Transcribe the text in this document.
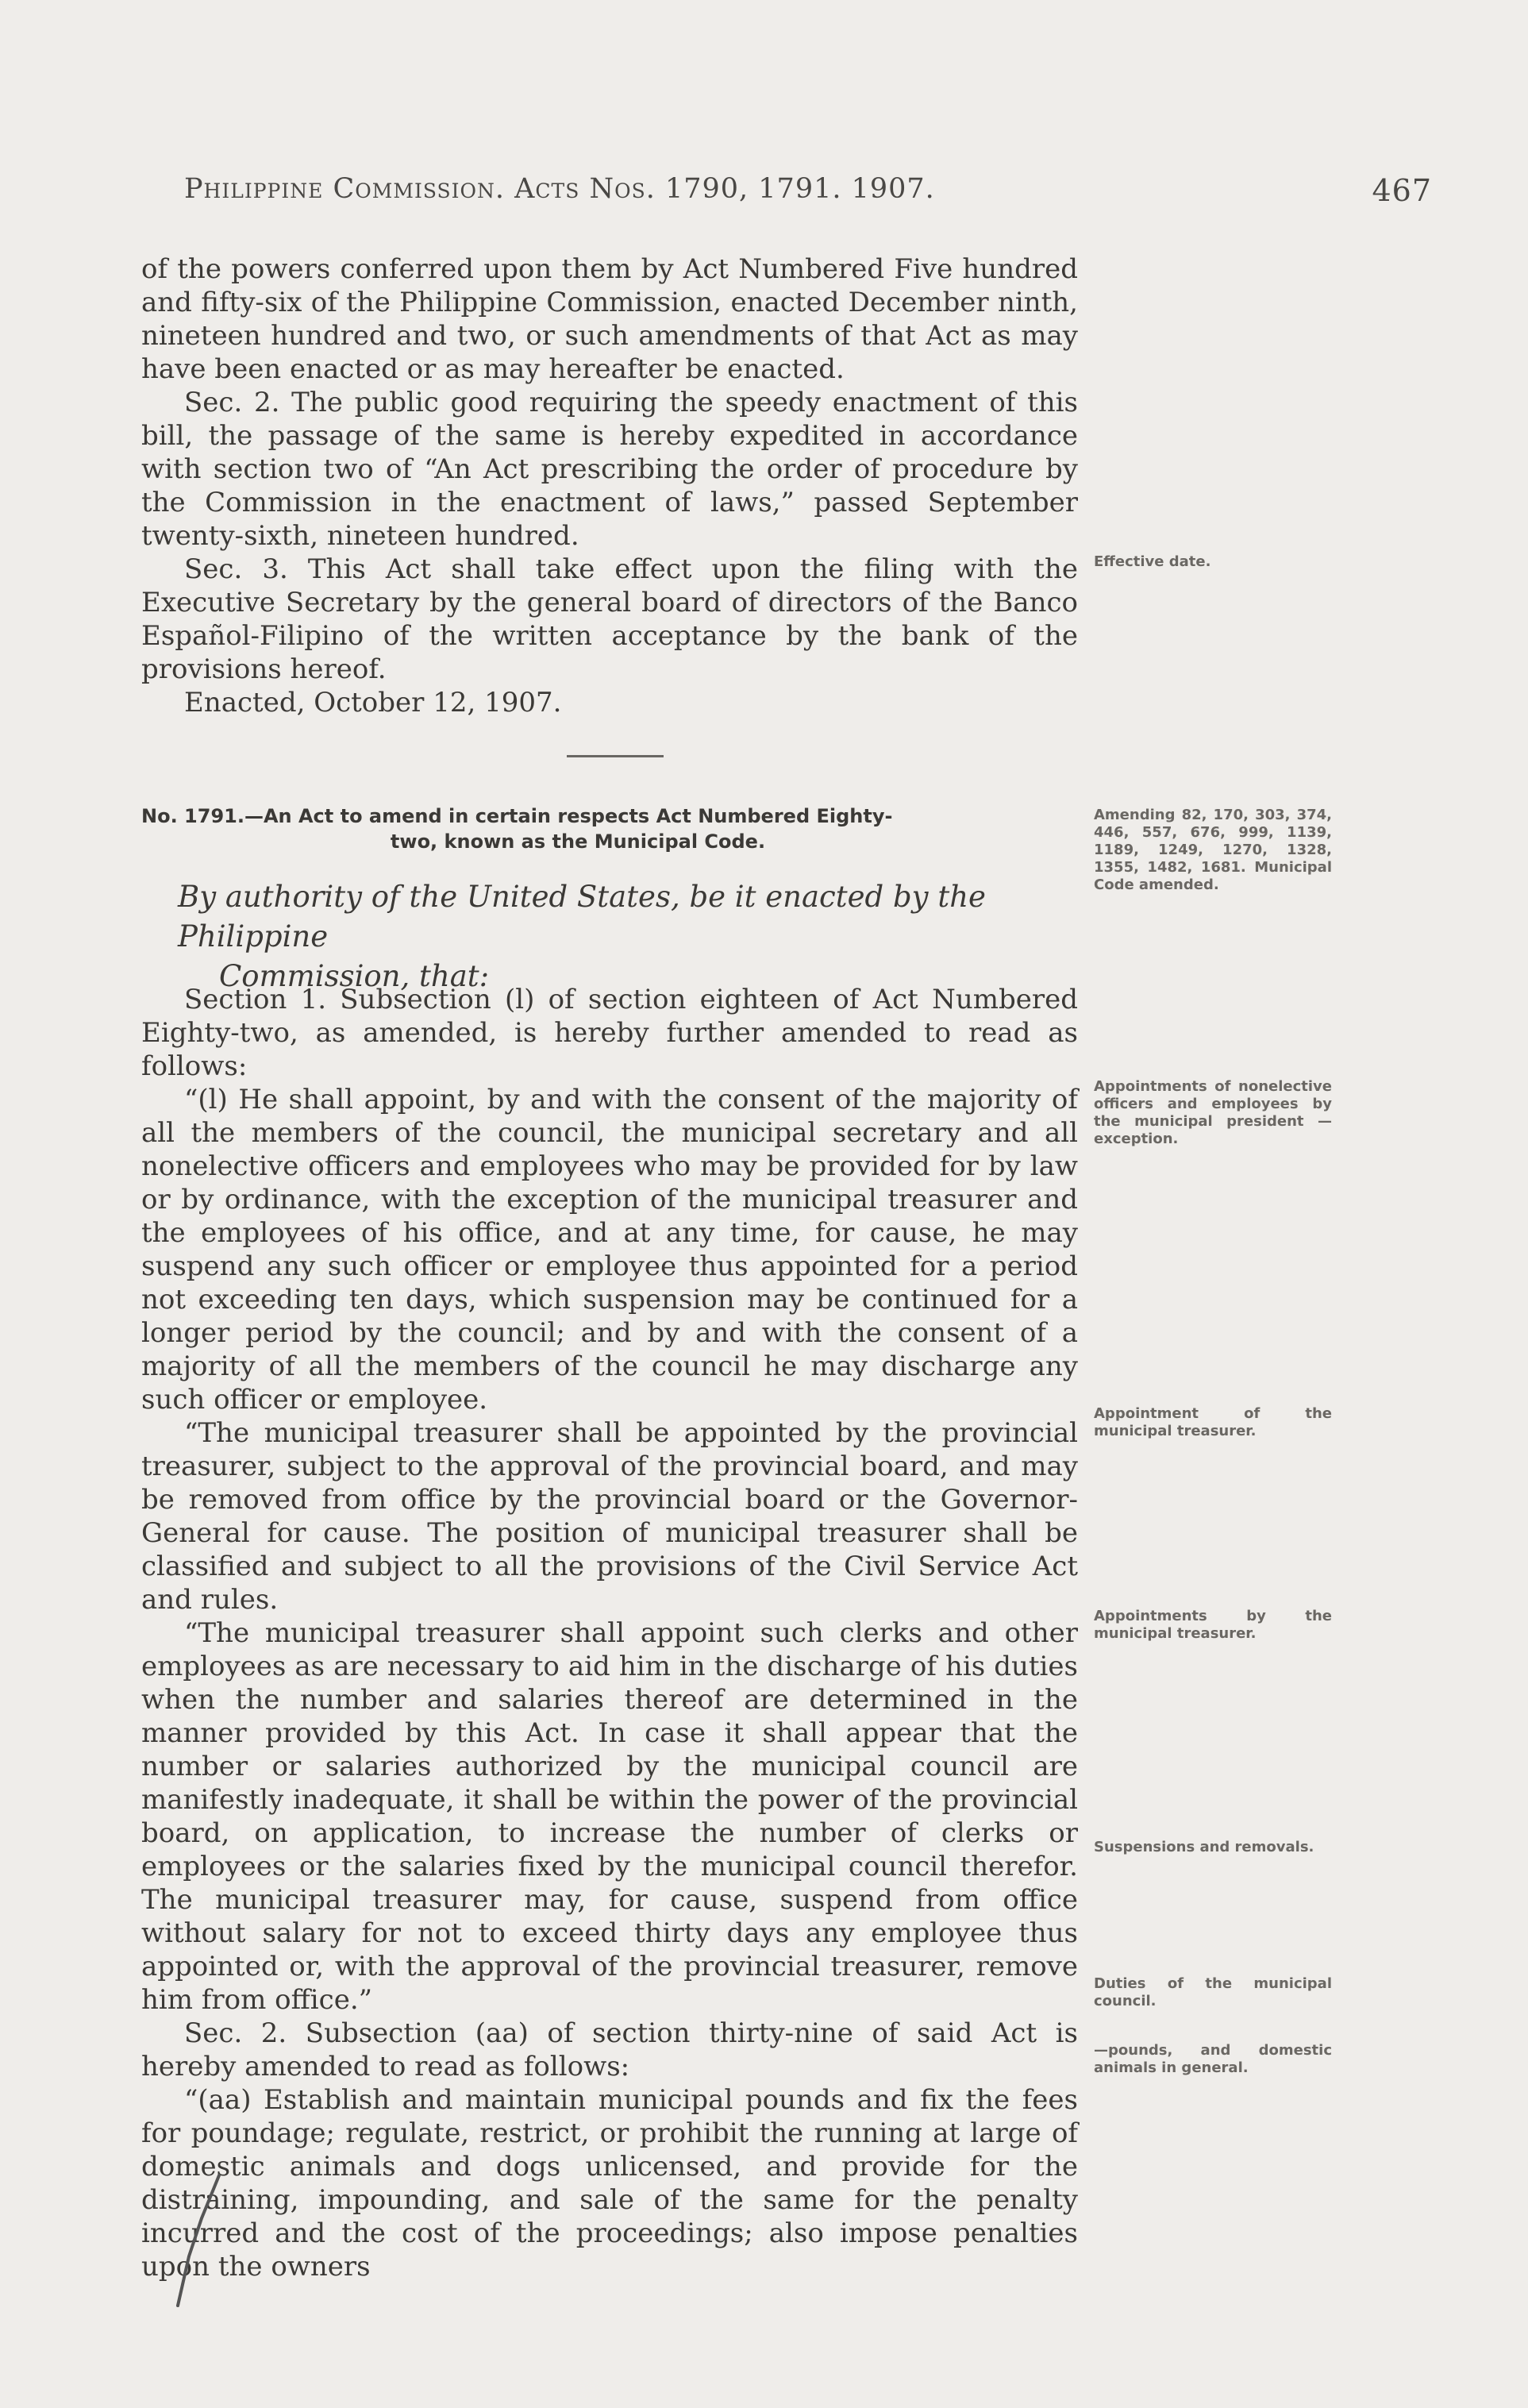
Philippine Commission. Acts Nos. 1790, 1791. 1907.	467

of the powers conferred upon them by Act Numbered Five hundred and fifty-six of the Philippine Commission, enacted December ninth, nineteen hundred and two, or such amendments of that Act as may have been enacted or as may hereafter be enacted.

Sec. 2. The public good requiring the speedy enactment of this bill, the passage of the same is hereby expedited in accordance with section two of “An Act prescribing the order of procedure by the Commission in the enactment of laws,” passed September twenty-sixth, nineteen hundred.

Sec. 3. This Act shall take effect upon the filing with the Executive Secretary by the general board of directors of the Banco Español-Filipino of the written acceptance by the bank of the provisions hereof.

Enacted, October 12, 1907.

No. 1791.—An Act to amend in certain respects Act Numbered Eighty-
two, known as the Municipal Code.
By authority of the United States, be it enacted by the Philippine
Commission, that:

Section 1. Subsection (l) of section eighteen of Act Numbered Eighty-two, as amended, is hereby further amended to read as follows:

“(l) He shall appoint, by and with the consent of the majority of all the members of the council, the municipal secretary and all nonelective officers and employees who may be provided for by law or by ordinance, with the exception of the municipal treasurer and the employees of his office, and at any time, for cause, he may suspend any such officer or employee thus appointed for a period not exceeding ten days, which suspension may be continued for a longer period by the council; and by and with the consent of a majority of all the members of the council he may discharge any such officer or employee.

“The municipal treasurer shall be appointed by the provincial treasurer, subject to the approval of the provincial board, and may be removed from office by the provincial board or the Governor-General for cause. The position of municipal treasurer shall be classified and subject to all the provisions of the Civil Service Act and rules.

“The municipal treasurer shall appoint such clerks and other employees as are necessary to aid him in the discharge of his duties when the number and salaries thereof are determined in the manner provided by this Act. In case it shall appear that the number or salaries authorized by the municipal council are manifestly inadequate, it shall be within the power of the provincial board, on application, to increase the number of clerks or employees or the salaries fixed by the municipal council therefor. The municipal treasurer may, for cause, suspend from office without salary for not to exceed thirty days any employee thus appointed or, with the approval of the provincial treasurer, remove him from office.”

Sec. 2. Subsection (aa) of section thirty-nine of said Act is hereby amended to read as follows:

“(aa) Establish and maintain municipal pounds and fix the fees for poundage; regulate, restrict, or prohibit the running at large of domestic animals and dogs unlicensed, and provide for the distraining, impounding, and sale of the same for the penalty incurred and the cost of the proceedings; also impose penalties upon the owners

Effective date.
Amending 82, 170, 303, 374, 446, 557, 676, 999, 1139, 1189, 1249, 1270, 1328, 1355, 1482, 1681. Municipal Code amended.
Appointments of nonelective officers and employees by the municipal president —exception.
Appointment of the municipal treasurer.
Appointments by the municipal treasurer.
Suspensions and removals.
Duties of the municipal council.
—pounds, and domestic animals in general.
